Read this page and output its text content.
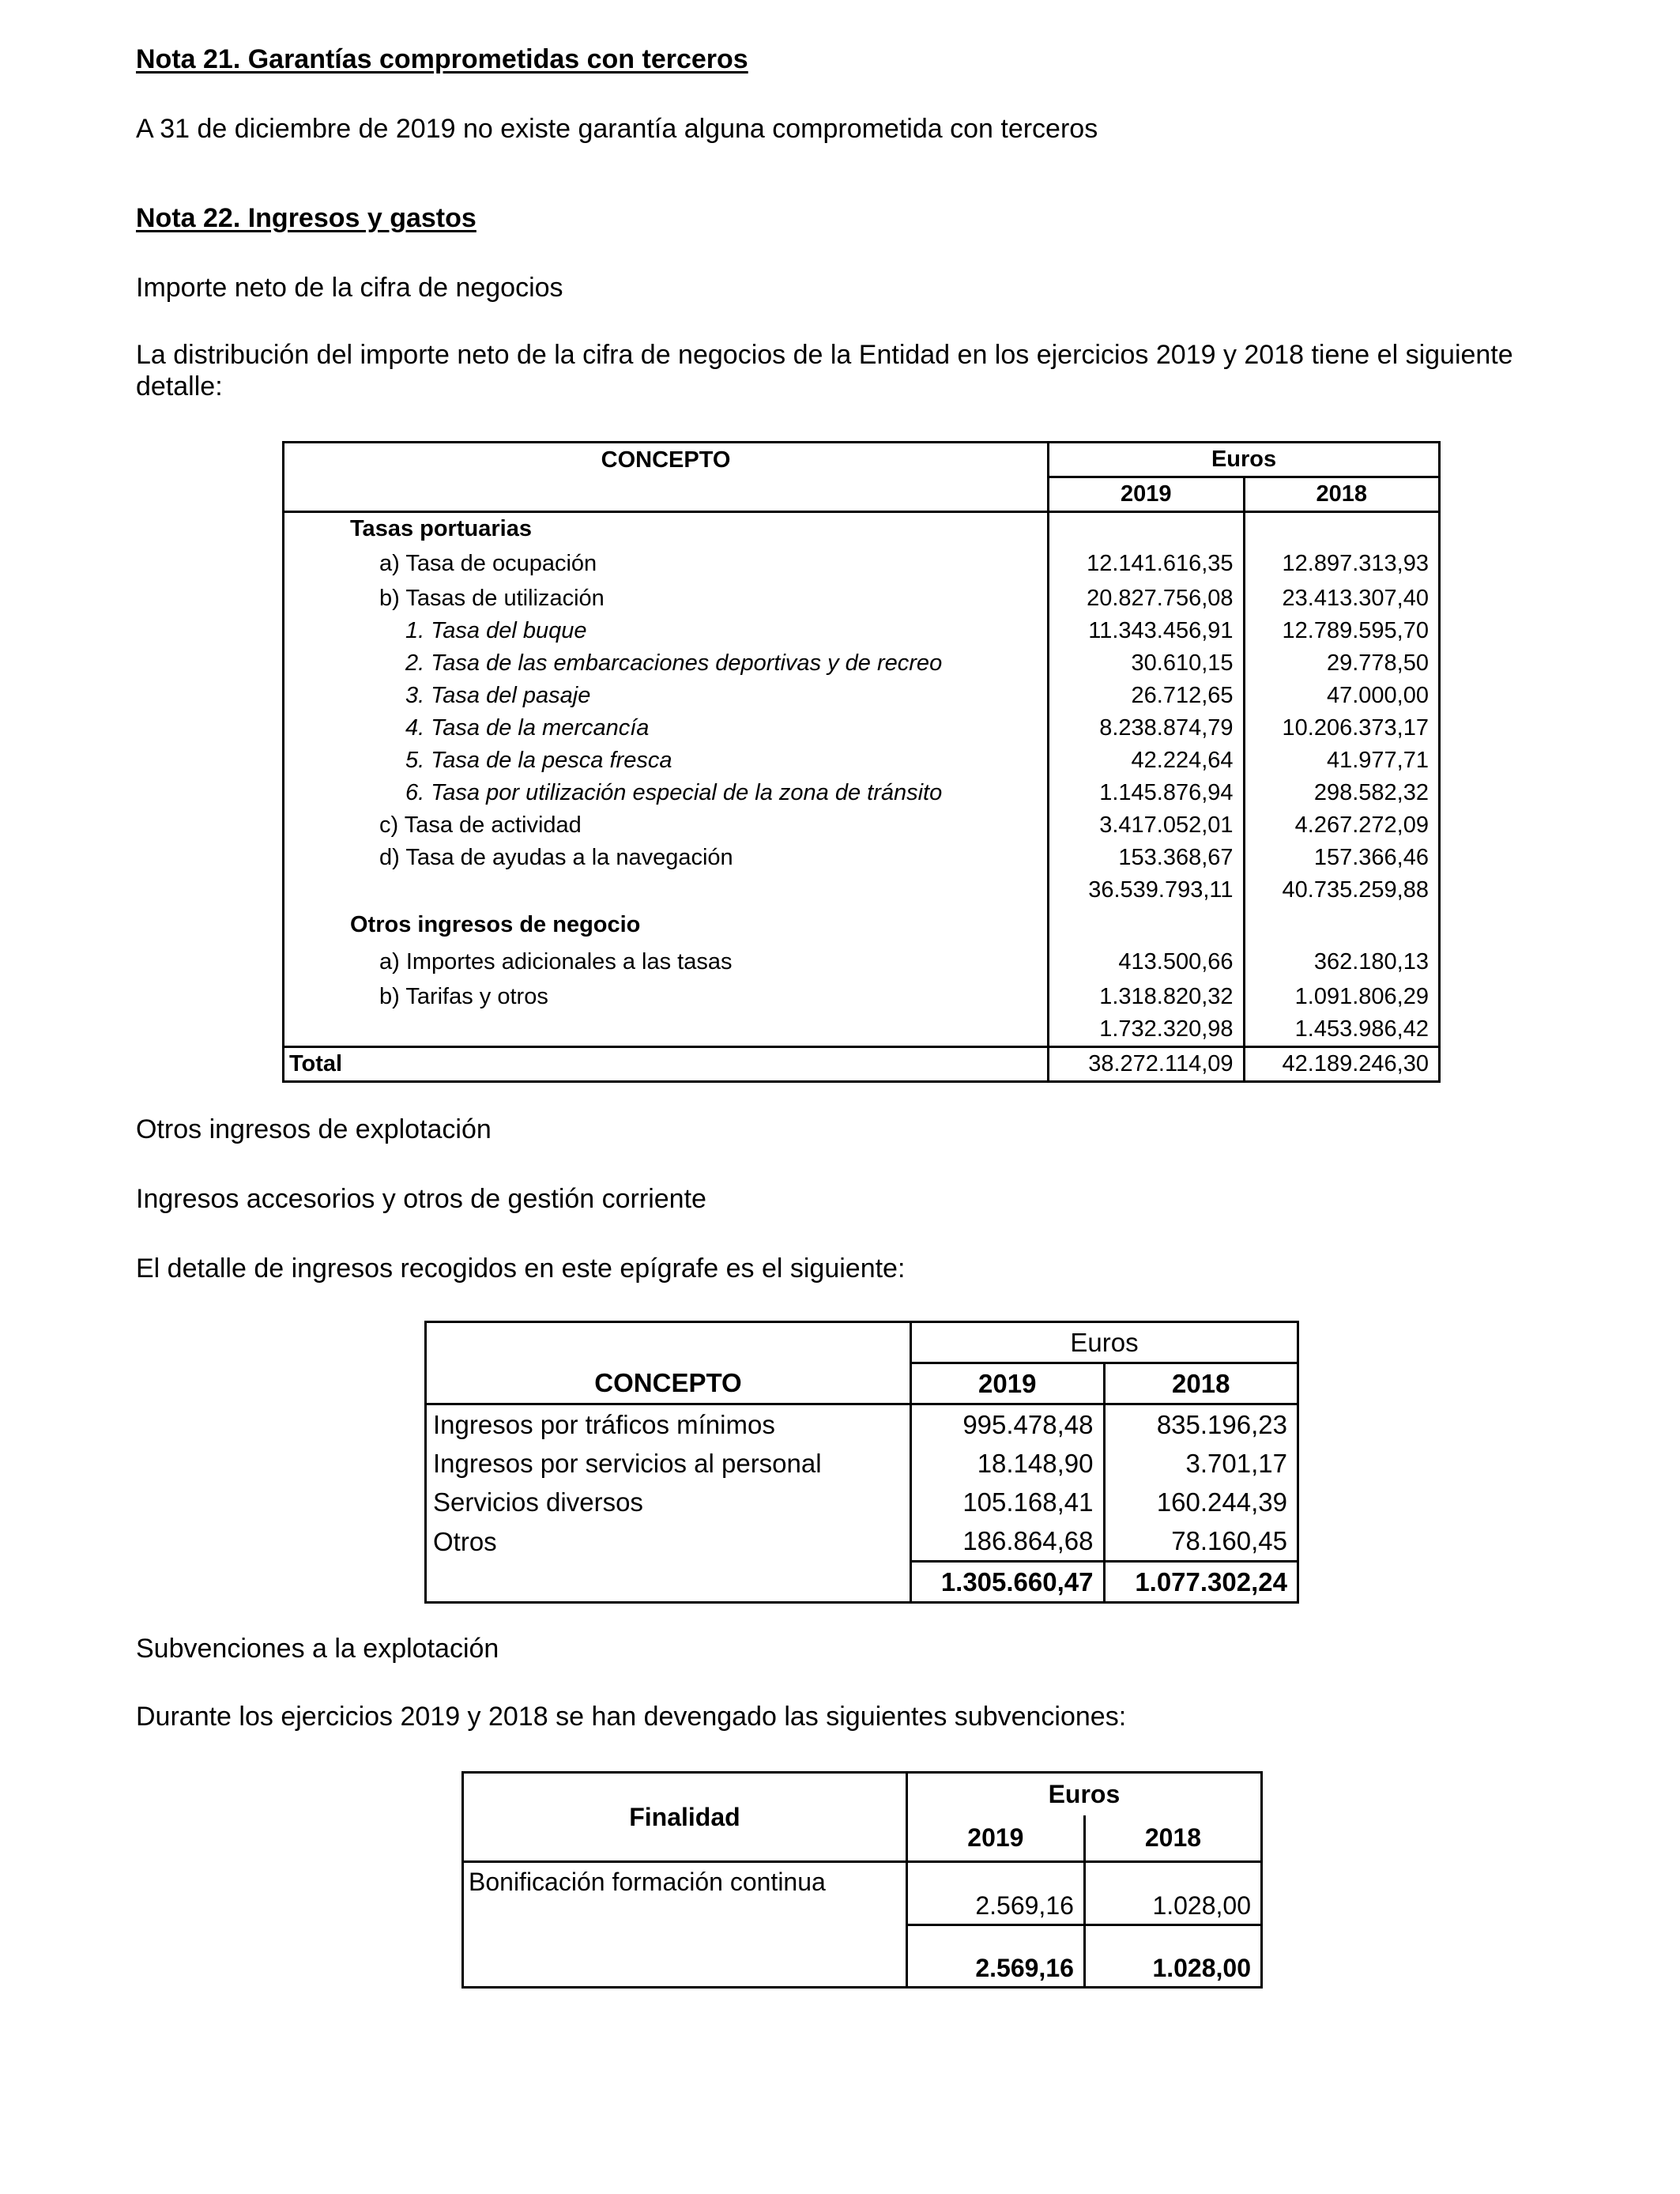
Nota 21. Garantías comprometidas con terceros
A 31 de diciembre de 2019 no existe garantía alguna comprometida con terceros
Nota 22. Ingresos y gastos
Importe neto de la cifra de negocios
La distribución del importe neto de la cifra de negocios de la Entidad en los ejercicios 2019 y 2018 tiene el siguiente detalle:
CONCEPTO	Euros	
	2019	2018
Tasas portuarias		
a) Tasa de ocupación	12.141.616,35	12.897.313,93
b) Tasas de utilización	20.827.756,08	23.413.307,40
1. Tasa del buque	11.343.456,91	12.789.595,70
2. Tasa de las embarcaciones deportivas y de recreo	30.610,15	29.778,50
3. Tasa del pasaje	26.712,65	47.000,00
4. Tasa de la mercancía	8.238.874,79	10.206.373,17
5. Tasa de la pesca fresca	42.224,64	41.977,71
6. Tasa por utilización especial de la zona de tránsito	1.145.876,94	298.582,32
c) Tasa de actividad	3.417.052,01	4.267.272,09
d) Tasa de ayudas a la navegación	153.368,67	157.366,46
	36.539.793,11	40.735.259,88
Otros ingresos de negocio		
a) Importes adicionales a las tasas	413.500,66	362.180,13
b) Tarifas y otros	1.318.820,32	1.091.806,29
	1.732.320,98	1.453.986,42
Total	38.272.114,09	42.189.246,30
Otros ingresos de explotación
Ingresos accesorios y otros de gestión corriente
El detalle de ingresos recogidos en este epígrafe es el siguiente:
	Euros	
CONCEPTO	2019	2018
Ingresos por tráficos mínimos	995.478,48	835.196,23
Ingresos por servicios al personal	18.148,90	3.701,17
Servicios diversos	105.168,41	160.244,39
Otros	186.864,68	78.160,45
	1.305.660,47	1.077.302,24
Subvenciones a la explotación
Durante los ejercicios 2019 y 2018 se han devengado las siguientes subvenciones:
Finalidad	Euros	
	2019	2018
Bonificación formación continua	2.569,16	1.028,00
	2.569,16	1.028,00
